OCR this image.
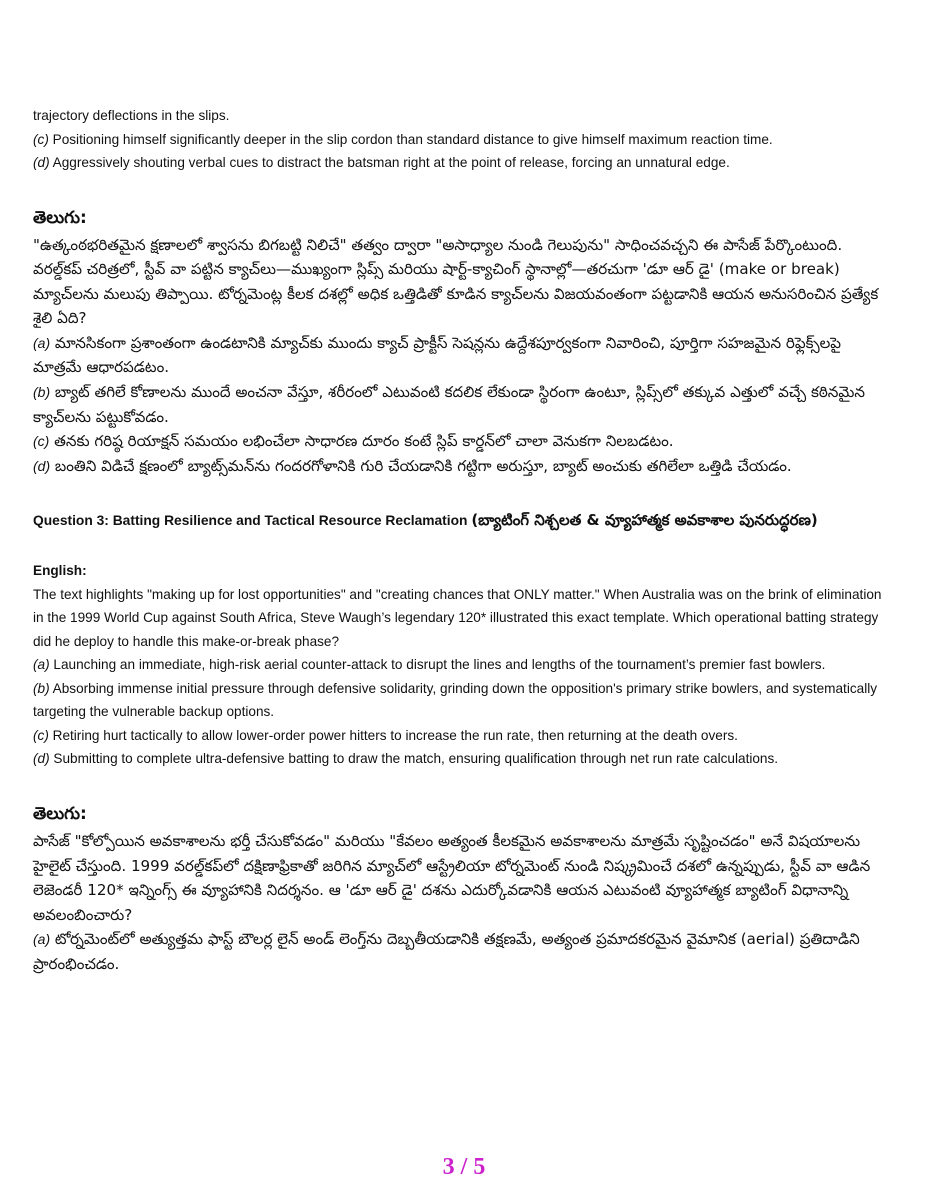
trajectory deflections in the slips.

(c) Positioning himself significantly deeper in the slip cordon than standard distance to give himself maximum reaction time.

(d) Aggressively shouting verbal cues to distract the batsman right at the point of release, forcing an unnatural edge.

తెలుగు:

"ఉత్కంఠభరితమైన క్షణాలలో శ్వాసను బిగబట్టి నిలిచే" తత్వం ద్వారా "అసాధ్యాల నుండి గెలుపును" సాధించవచ్చని ఈ పాసేజ్ పేర్కొంటుంది. వరల్డ్‌కప్ చరిత్రలో, స్టీవ్ వా పట్టిన క్యాచ్‌లు—ముఖ్యంగా స్లిప్స్ మరియు షార్ట్-క్యాచింగ్ స్థానాల్లో—తరచుగా 'డూ ఆర్ డై' (make or break) మ్యాచ్‌లను మలుపు తిప్పాయి. టోర్నమెంట్ల కీలక దశల్లో అధిక ఒత్తిడితో కూడిన క్యాచ్‌లను విజయవంతంగా పట్టడానికి ఆయన అనుసరించిన ప్రత్యేక శైలి ఏది?

(a) మానసికంగా ప్రశాంతంగా ఉండటానికి మ్యాచ్‌కు ముందు క్యాచ్ ప్రాక్టీస్ సెషన్లను ఉద్దేశపూర్వకంగా నివారించి, పూర్తిగా సహజమైన రిఫ్లెక్స్‌లపై మాత్రమే ఆధారపడటం.

(b) బ్యాట్ తగిలే కోణాలను ముందే అంచనా వేస్తూ, శరీరంలో ఎటువంటి కదలిక లేకుండా స్థిరంగా ఉంటూ, స్లిప్స్‌లో తక్కువ ఎత్తులో వచ్చే కఠినమైన క్యాచ్‌లను పట్టుకోవడం.

(c) తనకు గరిష్ఠ రియాక్షన్ సమయం లభించేలా సాధారణ దూరం కంటే స్లిప్ కార్డన్‌లో చాలా వెనుకగా నిలబడటం.

(d) బంతిని విడిచే క్షణంలో బ్యాట్స్‌మన్‌ను గందరగోళానికి గురి చేయడానికి గట్టిగా అరుస్తూ, బ్యాట్ అంచుకు తగిలేలా ఒత్తిడి చేయడం.

Question 3: Batting Resilience and Tactical Resource Reclamation (బ్యాటింగ్ నిశ్చలత & వ్యూహాత్మక అవకాశాల పునరుద్ధరణ)
English:

The text highlights "making up for lost opportunities" and "creating chances that ONLY matter." When Australia was on the brink of elimination in the 1999 World Cup against South Africa, Steve Waugh’s legendary 120* illustrated this exact template. Which operational batting strategy did he deploy to handle this make-or-break phase?

(a) Launching an immediate, high-risk aerial counter-attack to disrupt the lines and lengths of the tournament’s premier fast bowlers.

(b) Absorbing immense initial pressure through defensive solidarity, grinding down the opposition's primary strike bowlers, and systematically targeting the vulnerable backup options.

(c) Retiring hurt tactically to allow lower-order power hitters to increase the run rate, then returning at the death overs.

(d) Submitting to complete ultra-defensive batting to draw the match, ensuring qualification through net run rate calculations.

తెలుగు:

పాసేజ్ "కోల్పోయిన అవకాశాలను భర్తీ చేసుకోవడం" మరియు "కేవలం అత్యంత కీలకమైన అవకాశాలను మాత్రమే సృష్టించడం" అనే విషయాలను హైలైట్ చేస్తుంది. 1999 వరల్డ్‌కప్‌లో దక్షిణాఫ్రికాతో జరిగిన మ్యాచ్‌లో ఆస్ట్రేలియా టోర్నమెంట్ నుండి నిష్క్రమించే దశలో ఉన్నప్పుడు, స్టీవ్ వా ఆడిన లెజెండరీ 120* ఇన్నింగ్స్ ఈ వ్యూహానికి నిదర్శనం. ఆ 'డూ ఆర్ డై' దశను ఎదుర్కోవడానికి ఆయన ఎటువంటి వ్యూహాత్మక బ్యాటింగ్ విధానాన్ని అవలంబించారు?

(a) టోర్నమెంట్‌లో అత్యుత్తమ ఫాస్ట్ బౌలర్ల లైన్ అండ్ లెంగ్త్‌ను దెబ్బతీయడానికి తక్షణమే, అత్యంత ప్రమాదకరమైన వైమానిక (aerial) ప్రతిదాడిని ప్రారంభించడం.

3 / 5
